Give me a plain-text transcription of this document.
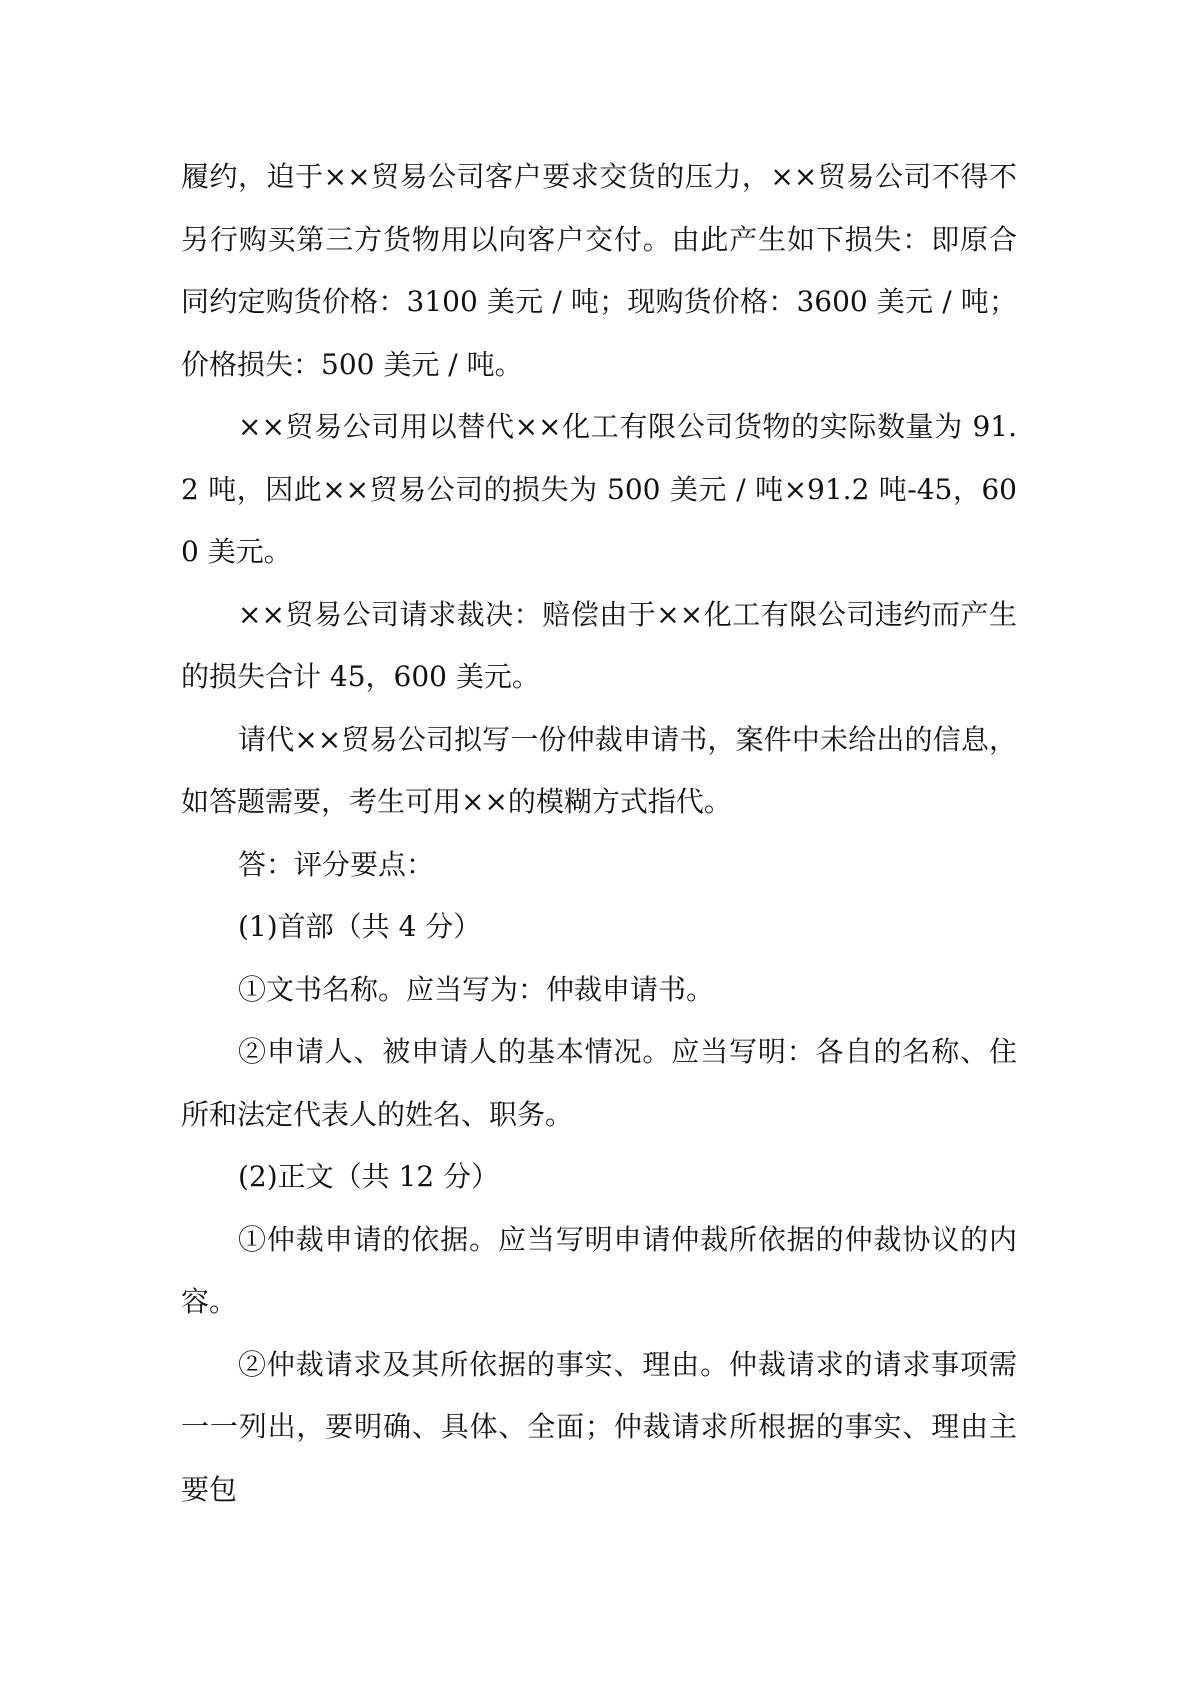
履约，迫于××贸易公司客户要求交货的压力，××贸易公司不得不另行购买第三方货物用以向客户交付。由此产生如下损失：即原合同约定购货价格：3100 美元 / 吨；现购货价格：3600 美元 / 吨；价格损失：500 美元 / 吨。

××贸易公司用以替代××化工有限公司货物的实际数量为 91.2 吨，因此××贸易公司的损失为 500 美元 / 吨×91.2 吨-45，600 美元。

××贸易公司请求裁决：赔偿由于××化工有限公司违约而产生的损失合计 45，600 美元。

请代××贸易公司拟写一份仲裁申请书，案件中未给出的信息，如答题需要，考生可用××的模糊方式指代。

答：评分要点：

(1)首部（共 4 分）

①文书名称。应当写为：仲裁申请书。

②申请人、被申请人的基本情况。应当写明：各自的名称、住所和法定代表人的姓名、职务。

(2)正文（共 12 分）

①仲裁申请的依据。应当写明申请仲裁所依据的仲裁协议的内容。

②仲裁请求及其所依据的事实、理由。仲裁请求的请求事项需一一列出，要明确、具体、全面；仲裁请求所根据的事实、理由主要包
